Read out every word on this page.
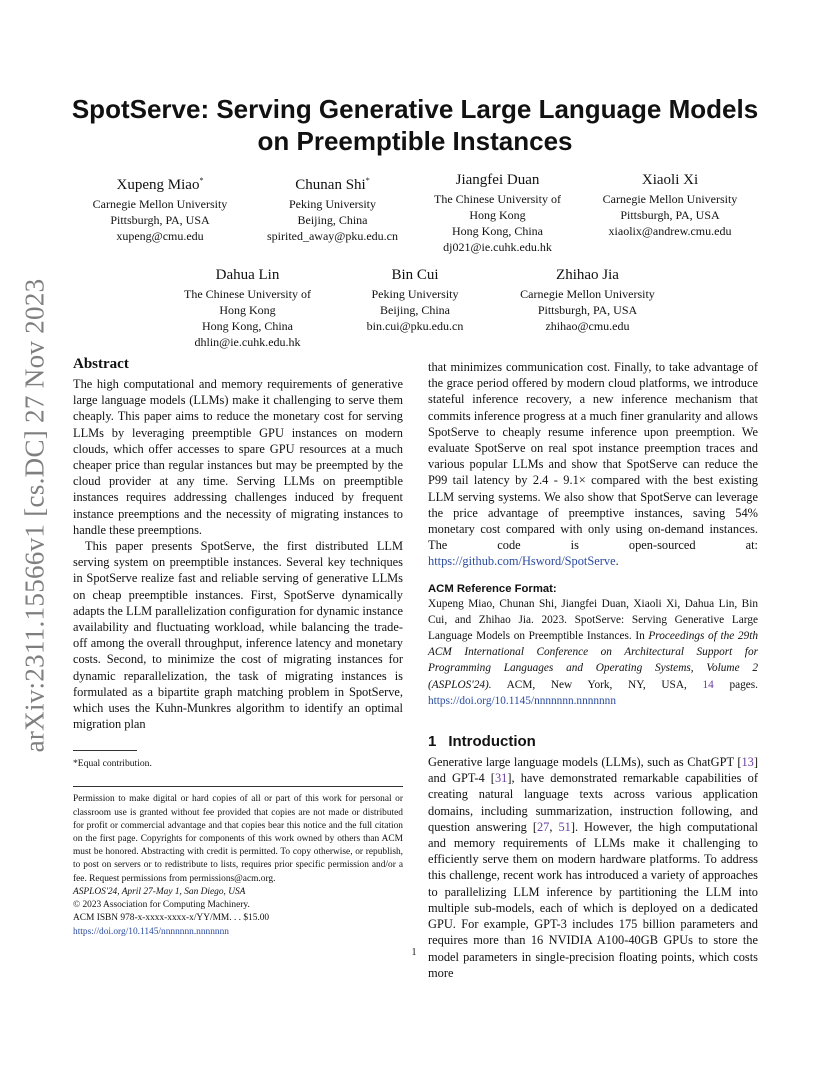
arXiv:2311.15566v1 [cs.DC] 27 Nov 2023
SpotServe: Serving Generative Large Language Models
on Preemptible Instances
Xupeng Miao*
Carnegie Mellon University
Pittsburgh, PA, USA
xupeng@cmu.edu
Chunan Shi*
Peking University
Beijing, China
spirited_away@pku.edu.cn
Jiangfei Duan
The Chinese University of
Hong Kong
Hong Kong, China
dj021@ie.cuhk.edu.hk
Xiaoli Xi
Carnegie Mellon University
Pittsburgh, PA, USA
xiaolix@andrew.cmu.edu
Dahua Lin
The Chinese University of
Hong Kong
Hong Kong, China
dhlin@ie.cuhk.edu.hk
Bin Cui
Peking University
Beijing, China
bin.cui@pku.edu.cn
Zhihao Jia
Carnegie Mellon University
Pittsburgh, PA, USA
zhihao@cmu.edu
Abstract

The high computational and memory requirements of generative large language models (LLMs) make it challenging to serve them cheaply. This paper aims to reduce the monetary cost for serving LLMs by leveraging preemptible GPU instances on modern clouds, which offer accesses to spare GPU resources at a much cheaper price than regular instances but may be preempted by the cloud provider at any time. Serving LLMs on preemptible instances requires addressing challenges induced by frequent instance preemptions and the necessity of migrating instances to handle these preemptions.

This paper presents SpotServe, the first distributed LLM serving system on preemptible instances. Several key techniques in SpotServe realize fast and reliable serving of generative LLMs on cheap preemptible instances. First, SpotServe dynamically adapts the LLM parallelization configuration for dynamic instance availability and fluctuating workload, while balancing the trade-off among the overall throughput, inference latency and monetary costs. Second, to minimize the cost of migrating instances for dynamic reparallelization, the task of migrating instances is formulated as a bipartite graph matching problem in SpotServe, which uses the Kuhn-Munkres algorithm to identify an optimal migration plan

*Equal contribution.
Permission to make digital or hard copies of all or part of this work for personal or classroom use is granted without fee provided that copies are not made or distributed for profit or commercial advantage and that copies bear this notice and the full citation on the first page. Copyrights for components of this work owned by others than ACM must be honored. Abstracting with credit is permitted. To copy otherwise, or republish, to post on servers or to redistribute to lists, requires prior specific permission and/or a fee. Request permissions from permissions@acm.org.
ASPLOS'24, April 27-May 1, San Diego, USA
© 2023 Association for Computing Machinery.
ACM ISBN 978-x-xxxx-xxxx-x/YY/MM. . . $15.00
https://doi.org/10.1145/nnnnnnn.nnnnnnn

that minimizes communication cost. Finally, to take advantage of the grace period offered by modern cloud platforms, we introduce stateful inference recovery, a new inference mechanism that commits inference progress at a much finer granularity and allows SpotServe to cheaply resume inference upon preemption. We evaluate SpotServe on real spot instance preemption traces and various popular LLMs and show that SpotServe can reduce the P99 tail latency by 2.4 - 9.1× compared with the best existing LLM serving systems. We also show that SpotServe can leverage the price advantage of preemptive instances, saving 54% monetary cost compared with only using on-demand instances. The code is open-sourced at: https://github.com/Hsword/SpotServe.

ACM Reference Format:
Xupeng Miao, Chunan Shi, Jiangfei Duan, Xiaoli Xi, Dahua Lin, Bin Cui, and Zhihao Jia. 2023. SpotServe: Serving Generative Large Language Models on Preemptible Instances. In Proceedings of the 29th ACM International Conference on Architectural Support for Programming Languages and Operating Systems, Volume 2 (ASPLOS'24). ACM, New York, NY, USA, 14 pages. https://doi.org/10.1145/nnnnnnn.nnnnnnn
1 Introduction

Generative large language models (LLMs), such as ChatGPT [13] and GPT-4 [31], have demonstrated remarkable capabilities of creating natural language texts across various application domains, including summarization, instruction following, and question answering [27, 51]. However, the high computational and memory requirements of LLMs make it challenging to efficiently serve them on modern hardware platforms. To address this challenge, recent work has introduced a variety of approaches to parallelizing LLM inference by partitioning the LLM into multiple sub-models, each of which is deployed on a dedicated GPU. For example, GPT-3 includes 175 billion parameters and requires more than 16 NVIDIA A100-40GB GPUs to store the model parameters in single-precision floating points, which costs more

1
